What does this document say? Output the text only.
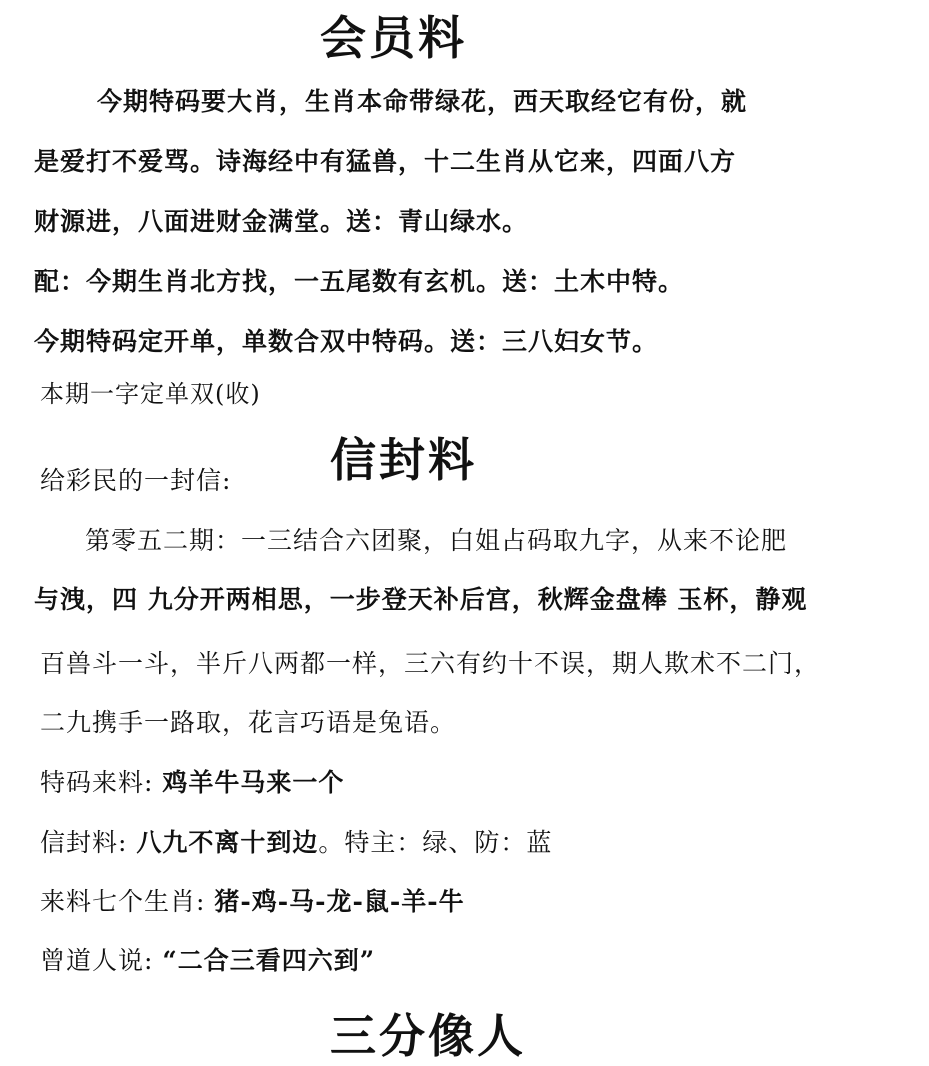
会员料
今期特码要大肖，生肖本命带绿花，西天取经它有份，就
是爱打不爱骂。诗海经中有猛兽，十二生肖从它来，四面八方
财源进，八面进财金满堂。送：青山绿水。
配：今期生肖北方找，一五尾数有玄机。送：土木中特。
今期特码定开单，单数合双中特码。送：三八妇女节。
本期一字定单双(收)
给彩民的一封信: 信封料
第零五二期：一三结合六团聚，白姐占码取九字，从来不论肥
与洩，四 九分开两相思，一步登天补后宫，秋辉金盘棒 玉杯，静观
百兽斗一斗，半斤八两都一样，三六有约十不误，期人欺术不二门，
二九携手一路取，花言巧语是兔语。
特码来料: 鸡羊牛马来一个
信封料: 八九不离十到边。特主：绿、防：蓝
来料七个生肖: 猪-鸡-马-龙-鼠-羊-牛
曾道人说: “二合三看四六到”
三分像人
